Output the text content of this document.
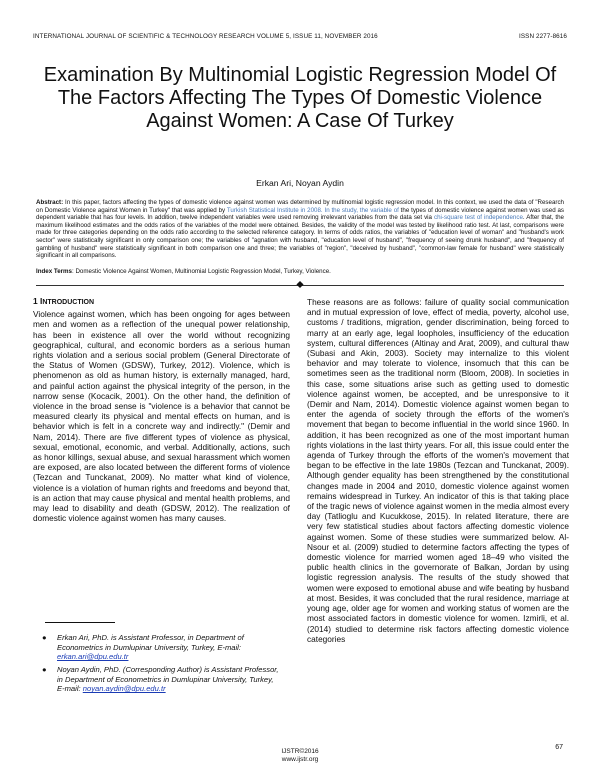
INTERNATIONAL JOURNAL OF SCIENTIFIC & TECHNOLOGY RESEARCH VOLUME 5, ISSUE 11, NOVEMBER 2016	ISSN 2277-8616
Examination By Multinomial Logistic Regression Model Of The Factors Affecting The Types Of Domestic Violence Against Women: A Case Of Turkey
Erkan Ari, Noyan Aydin
Abstract: In this paper, factors affecting the types of domestic violence against women was determined by multinomial logistic regression model. In this context, we used the data of "Research on Domestic Violence against Women in Turkey" that was applied by Turkish Statistical Institute in 2008. In the study, the variable of the types of domestic violence against women was used as dependent variable that has four levels. In addition, twelve independent variables were used removing irrelevant variables from the data set via chi-square test of independence. After that, the maximum likelihood estimates and the odds ratios of the variables of the model were obtained. Besides, the validity of the model was tested by likelihood ratio test. At last, comparisons were made for three categories depending on the odds ratio according to the selected reference category. In terms of odds ratios, the variables of "education level of woman" and "husband's work sector" were statistically significant in only comparison one; the variables of "agnation with husband, "education level of husband", "frequency of seeing drunk husband", and "frequency of gambling of husband" were statistically significant in both comparison one and three; the variables of "region", "deceived by husband", "common-law female for husband" were statistically significant in all comparisons.
Index Terms: Domestic Violence Against Women, Multinomial Logistic Regression Model, Turkey, Violence.
1 INTRODUCTION
Violence against women, which has been ongoing for ages between men and women as a reflection of the unequal power relationship, has been in existence all over the world without recognizing geographical, cultural, and economic borders as a serious human rights violation and a serious social problem (General Directorate of the Status of Women (GDSW), Turkey, 2012). Violence, which is phenomenon as old as human history, is externally managed, hard, and painful action against the physical integrity of the person, in the narrow sense (Kocacik, 2001). On the other hand, the definition of violence in the broad sense is "violence is a behavior that cannot be measured clearly its physical and mental effects on human, and is behavior which is felt in a concrete way and indirectly." (Demir and Nam, 2014). There are five different types of violence as physical, sexual, emotional, economic, and verbal. Additionally, actions, such as honor killings, sexual abuse, and sexual harassment which women are exposed, are also located between the different forms of violence (Tezcan and Tunckanat, 2009). No matter what kind of violence, violence is a violation of human rights and freedoms and beyond that, is an action that may cause physical and mental health problems, and may lead to disability and death (GDSW, 2012). The realization of domestic violence against women has many causes.
These reasons are as follows: failure of quality social communication and in mutual expression of love, effect of media, poverty, alcohol use, customs / traditions, migration, gender discrimination, being forced to marry at an early age, legal loopholes, insufficiency of the education system, cultural differences (Altinay and Arat, 2009), and cultural thaw (Subasi and Akin, 2003). Society may internalize to this violent behavior and may tolerate to violence, insomuch that this can be sometimes seen as the traditional norm (Bloom, 2008). In societies in this case, some situations arise such as getting used to domestic violence against women, be accepted, and be unresponsive to it (Demir and Nam, 2014). Domestic violence against women began to enter the agenda of society through the efforts of the women's movement that began to become influential in the world since 1960. In addition, it has been recognized as one of the most important human rights violations in the last thirty years. For all, this issue could enter the agenda of Turkey through the efforts of the women's movement that began to be effective in the late 1980s (Tezcan and Tunckanat, 2009). Although gender equality has been strengthened by the constitutional changes made in 2004 and 2010, domestic violence against women remains widespread in Turkey. An indicator of this is that taking place of the tragic news of violence against women in the media almost every day (Tatlioglu and Kucukkose, 2015). In related literature, there are very few statistical studies about factors affecting domestic violence against women. Some of these studies were summarized below. Al-Nsour et al. (2009) studied to determine factors affecting the types of domestic violence for married women aged 18–49 who visited the public health clinics in the governorate of Balkan, Jordan by using logistic regression analysis. The results of the study showed that women were exposed to emotional abuse and wife beating by husband at most. Besides, it was concluded that the rural residence, marriage at young age, older age for women and working status of women are the most associated factors in domestic violence for women. Izmirli, et al. (2014) studied to determine risk factors affecting domestic violence categories
● Erkan Ari, PhD. is Assistant Professor, in Department of Econometrics in Dumlupinar University, Turkey, E-mail: erkan.ari@dpu.edu.tr
● Noyan Aydin, PhD. (Corresponding Author) is Assistant Professor, in Department of Econometrics in Dumlupinar University, Turkey, E-mail: noyan.aydin@dpu.edu.tr
67
IJSTR©2016
www.ijstr.org
